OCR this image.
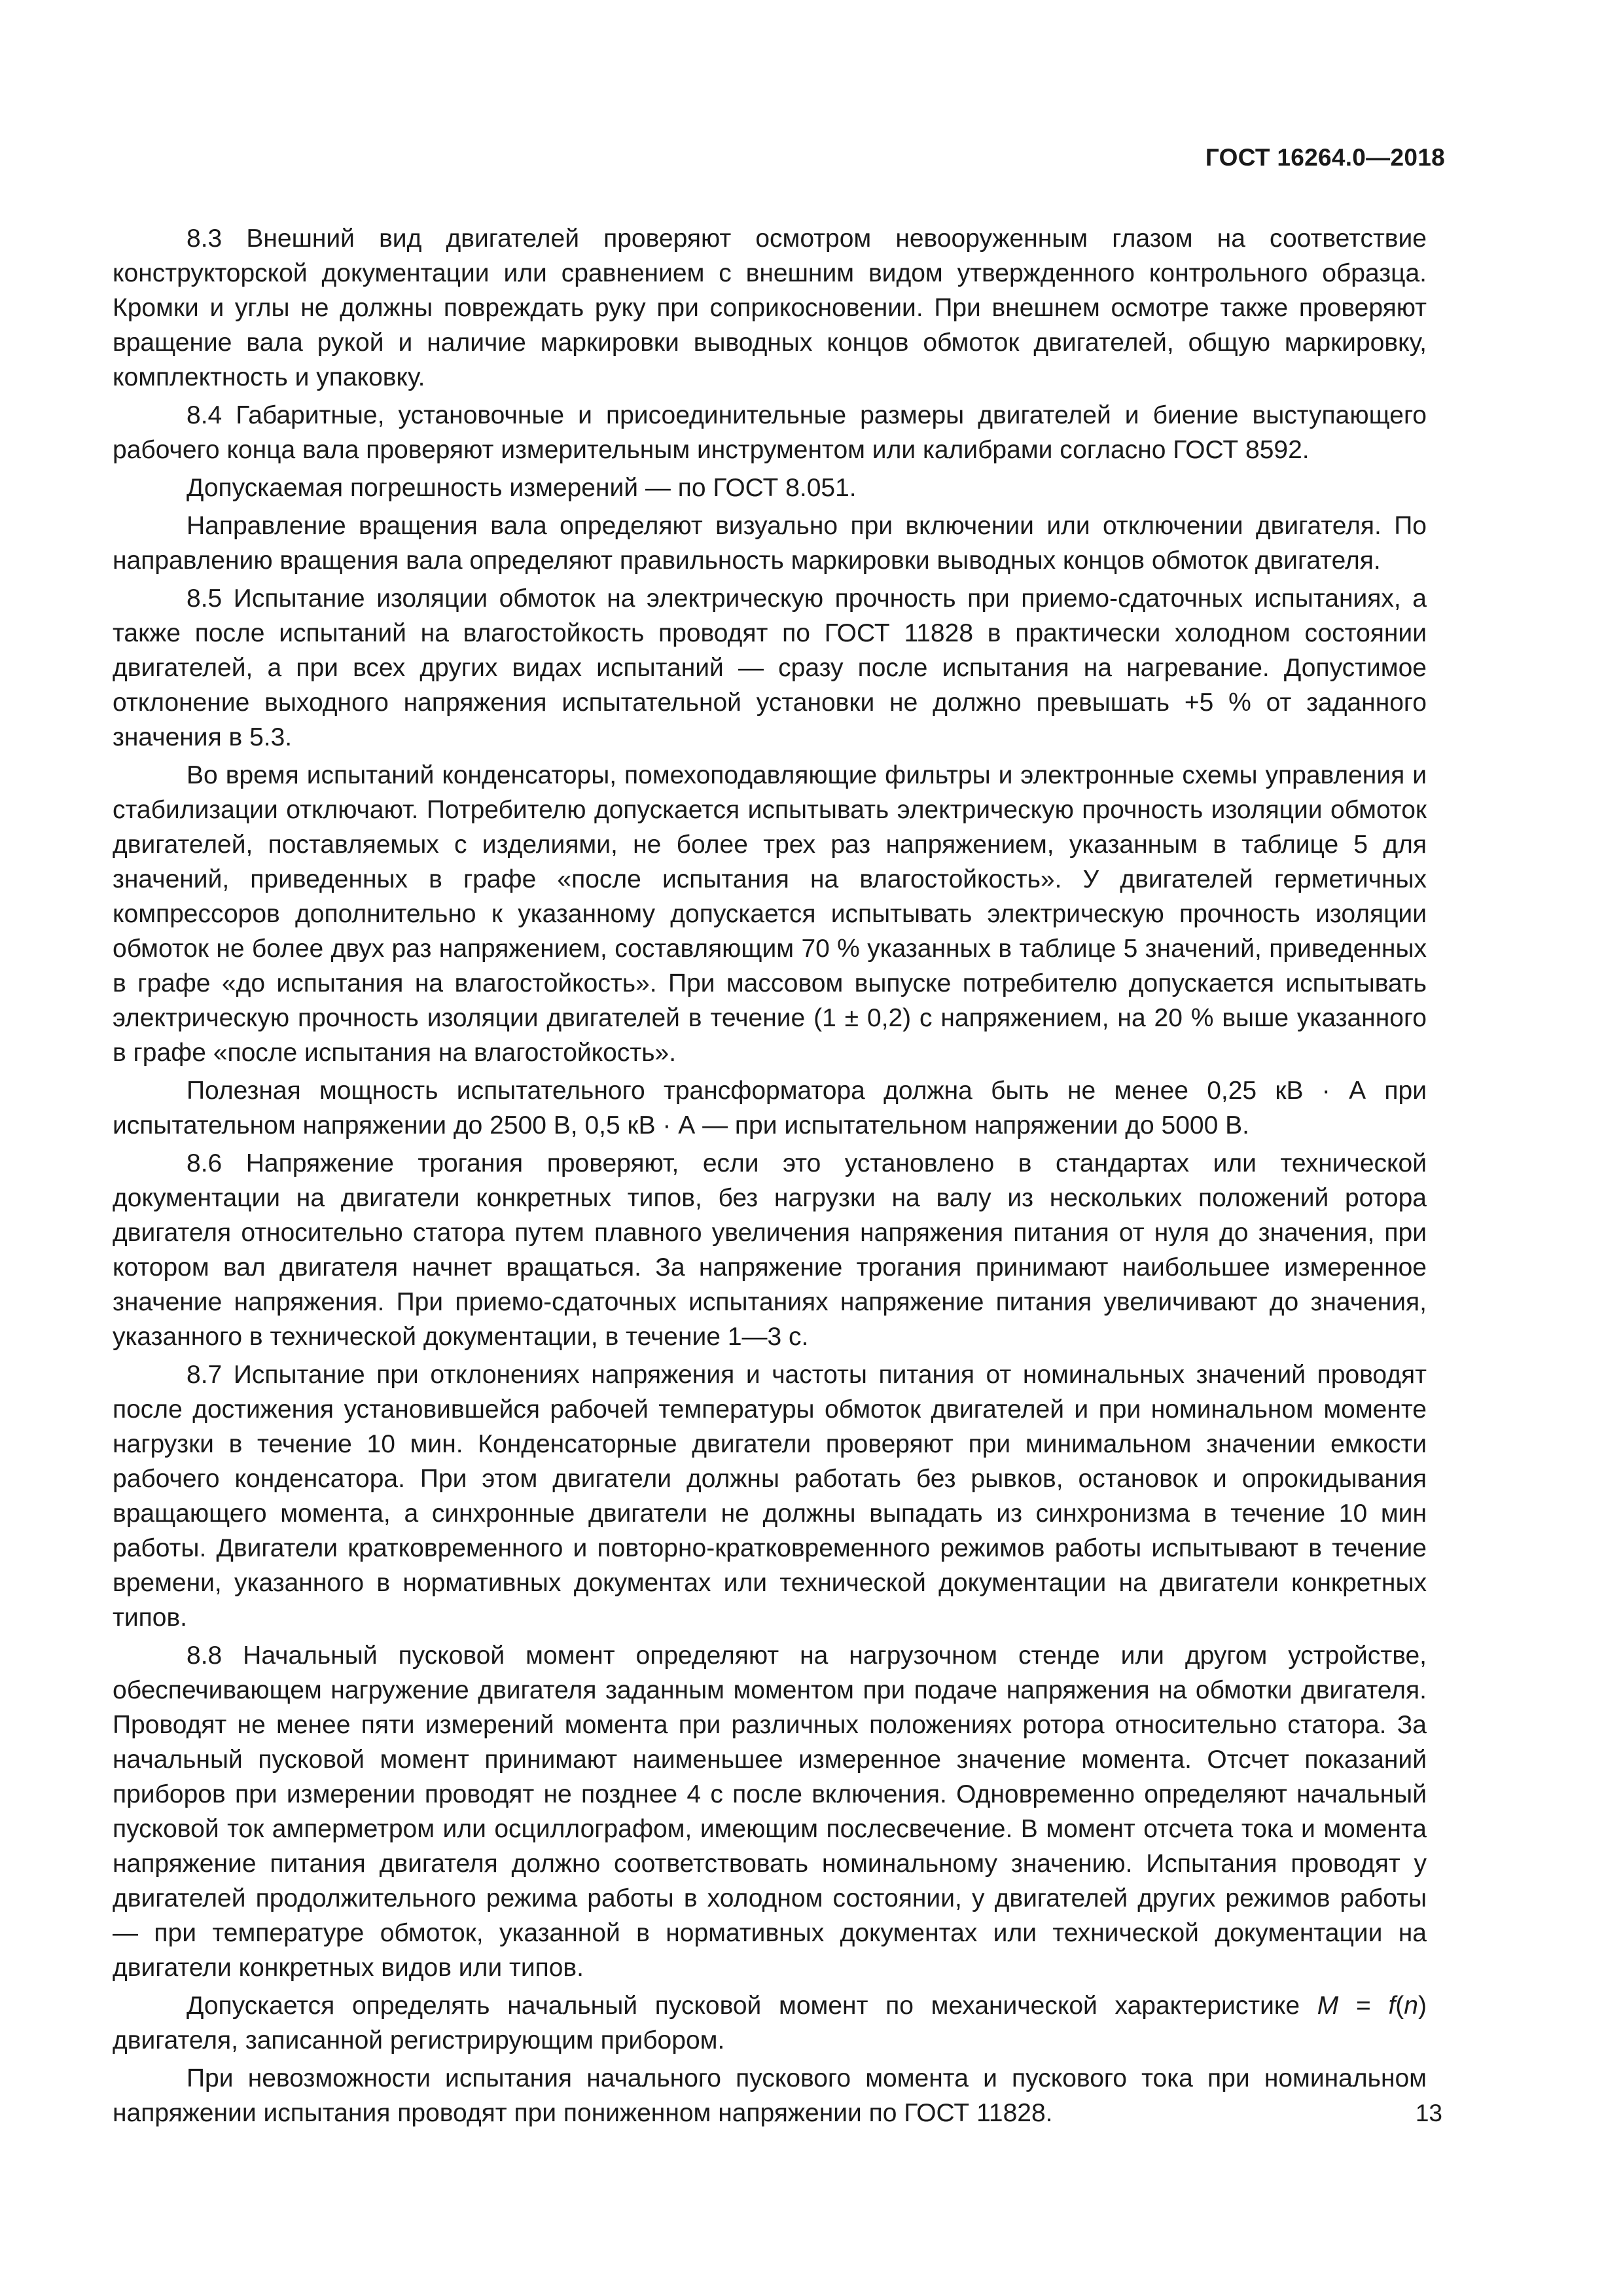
ГОСТ 16264.0—2018

8.3 Внешний вид двигателей проверяют осмотром невооруженным глазом на соответствие конструкторской документации или сравнением с внешним видом утвержденного контрольного образца. Кромки и углы не должны повреждать руку при соприкосновении. При внешнем осмотре также проверяют вращение вала рукой и наличие маркировки выводных концов обмоток двигателей, общую маркировку, комплектность и упаковку.

8.4 Габаритные, установочные и присоединительные размеры двигателей и биение выступающего рабочего конца вала проверяют измерительным инструментом или калибрами согласно ГОСТ 8592.

Допускаемая погрешность измерений — по ГОСТ 8.051.

Направление вращения вала определяют визуально при включении или отключении двигателя. По направлению вращения вала определяют правильность маркировки выводных концов обмоток двигателя.

8.5 Испытание изоляции обмоток на электрическую прочность при приемо-сдаточных испытаниях, а также после испытаний на влагостойкость проводят по ГОСТ 11828 в практически холодном состоянии двигателей, а при всех других видах испытаний — сразу после испытания на нагревание. Допустимое отклонение выходного напряжения испытательной установки не должно превышать +5 % от заданного значения в 5.3.

Во время испытаний конденсаторы, помехоподавляющие фильтры и электронные схемы управления и стабилизации отключают. Потребителю допускается испытывать электрическую прочность изоляции обмоток двигателей, поставляемых с изделиями, не более трех раз напряжением, указанным в таблице 5 для значений, приведенных в графе «после испытания на влагостойкость». У двигателей герметичных компрессоров дополнительно к указанному допускается испытывать электрическую прочность изоляции обмоток не более двух раз напряжением, составляющим 70 % указанных в таблице 5 значений, приведенных в графе «до испытания на влагостойкость». При массовом выпуске потребителю допускается испытывать электрическую прочность изоляции двигателей в течение (1 ± 0,2) с напряжением, на 20 % выше указанного в графе «после испытания на влагостойкость».

Полезная мощность испытательного трансформатора должна быть не менее 0,25 кВ · А при испытательном напряжении до 2500 В, 0,5 кВ · А — при испытательном напряжении до 5000 В.

8.6 Напряжение трогания проверяют, если это установлено в стандартах или технической документации на двигатели конкретных типов, без нагрузки на валу из нескольких положений ротора двигателя относительно статора путем плавного увеличения напряжения питания от нуля до значения, при котором вал двигателя начнет вращаться. За напряжение трогания принимают наибольшее измеренное значение напряжения. При приемо-сдаточных испытаниях напряжение питания увеличивают до значения, указанного в технической документации, в течение 1—3 с.

8.7 Испытание при отклонениях напряжения и частоты питания от номинальных значений проводят после достижения установившейся рабочей температуры обмоток двигателей и при номинальном моменте нагрузки в течение 10 мин. Конденсаторные двигатели проверяют при минимальном значении емкости рабочего конденсатора. При этом двигатели должны работать без рывков, остановок и опрокидывания вращающего момента, а синхронные двигатели не должны выпадать из синхронизма в течение 10 мин работы. Двигатели кратковременного и повторно-кратковременного режимов работы испытывают в течение времени, указанного в нормативных документах или технической документации на двигатели конкретных типов.

8.8 Начальный пусковой момент определяют на нагрузочном стенде или другом устройстве, обеспечивающем нагружение двигателя заданным моментом при подаче напряжения на обмотки двигателя. Проводят не менее пяти измерений момента при различных положениях ротора относительно статора. За начальный пусковой момент принимают наименьшее измеренное значение момента. Отсчет показаний приборов при измерении проводят не позднее 4 с после включения. Одновременно определяют начальный пусковой ток амперметром или осциллографом, имеющим послесвечение. В момент отсчета тока и момента напряжение питания двигателя должно соответствовать номинальному значению. Испытания проводят у двигателей продолжительного режима работы в холодном состоянии, у двигателей других режимов работы — при температуре обмоток, указанной в нормативных документах или технической документации на двигатели конкретных видов или типов.

Допускается определять начальный пусковой момент по механической характеристике M = f(n) двигателя, записанной регистрирующим прибором.

При невозможности испытания начального пускового момента и пускового тока при номинальном напряжении испытания проводят при пониженном напряжении по ГОСТ 11828.	13
